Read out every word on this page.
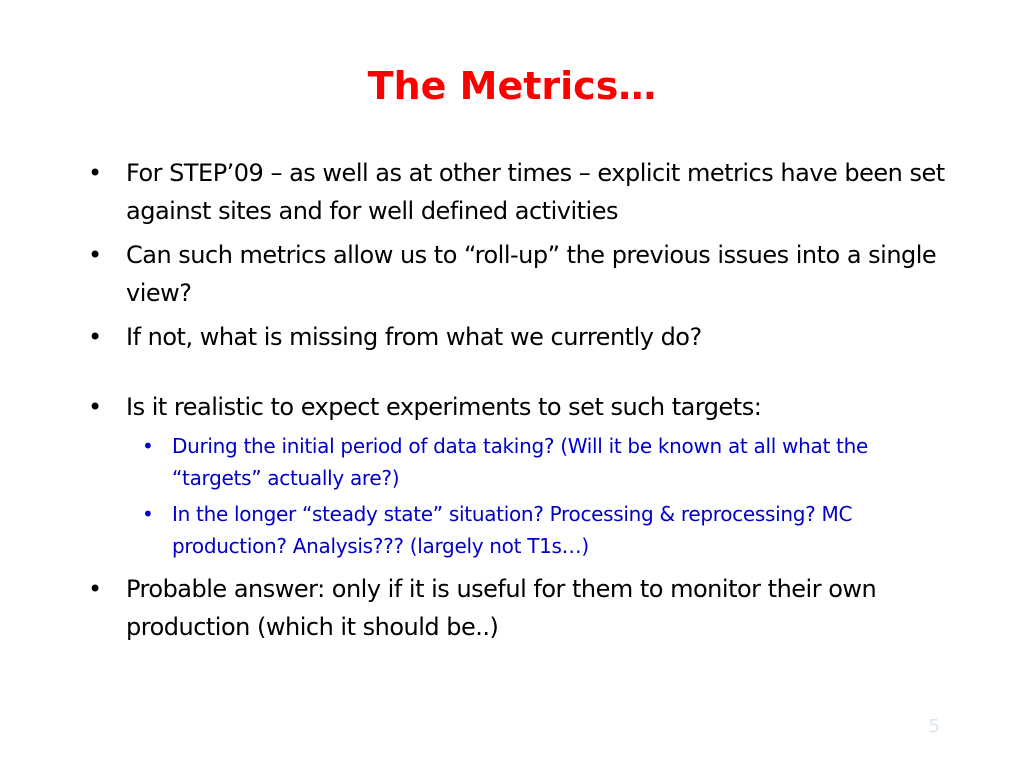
The Metrics…
• For STEP’09 – as well as at other times – explicit metrics have been set against sites and for well defined activities
• Can such metrics allow us to “roll-up” the previous issues into a single view?
• If not, what is missing from what we currently do?
• Is it realistic to expect experiments to set such targets:
• During the initial period of data taking? (Will it be known at all what the “targets” actually are?)
• In the longer “steady state” situation? Processing & reprocessing? MC production? Analysis??? (largely not T1s…)
• Probable answer: only if it is useful for them to monitor their own production (which it should be..)
5
